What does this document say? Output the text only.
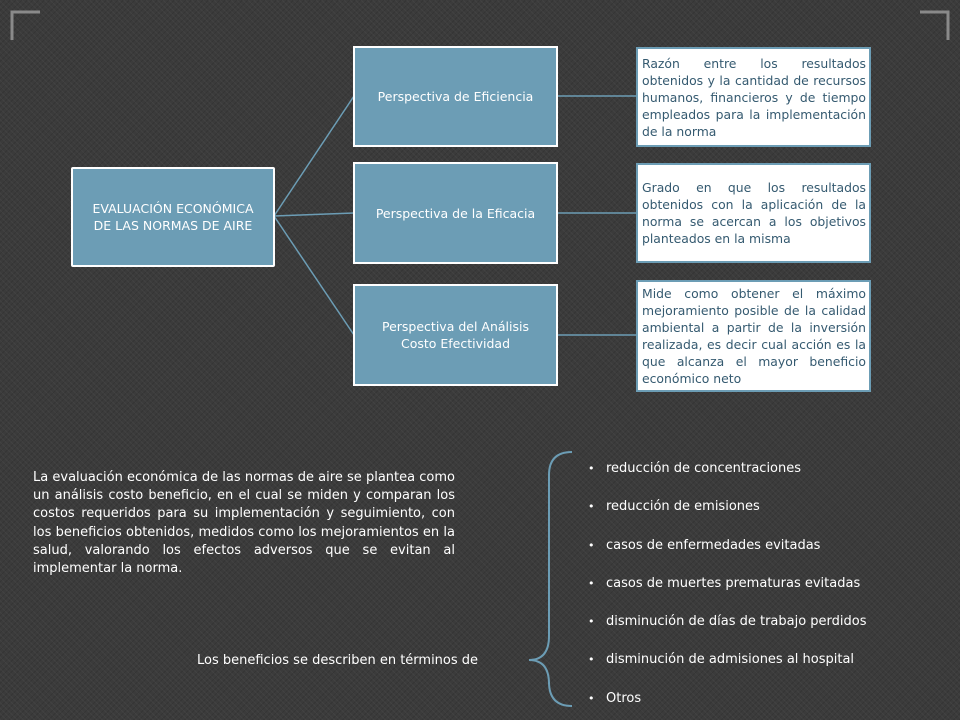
EVALUACIÓN ECONÓMICA DE LAS NORMAS DE AIRE
Perspectiva de Eficiencia
Perspectiva de la Eficacia
Perspectiva del Análisis Costo Efectividad
Razón entre los resultados obtenidos y la cantidad de recursos humanos, financieros y de tiempo empleados para la implementación de la norma
Grado en que los resultados obtenidos con la aplicación de la norma se acercan a los objetivos planteados en la misma
Mide como obtener el máximo mejoramiento posible de la calidad ambiental a partir de la inversión realizada, es decir cual acción es la que alcanza el mayor beneficio económico neto
La evaluación económica de las normas de aire se plantea como un análisis costo beneficio, en el cual se miden y comparan los costos requeridos para su implementación y seguimiento, con los beneficios obtenidos, medidos como los mejoramientos en la salud, valorando los efectos adversos que se evitan al implementar la norma.
Los beneficios se describen en términos de
• reducción de concentraciones
• reducción de emisiones
• casos de enfermedades evitadas
• casos de muertes prematuras evitadas
• disminución de días de trabajo perdidos
• disminución de admisiones al hospital
• Otros
